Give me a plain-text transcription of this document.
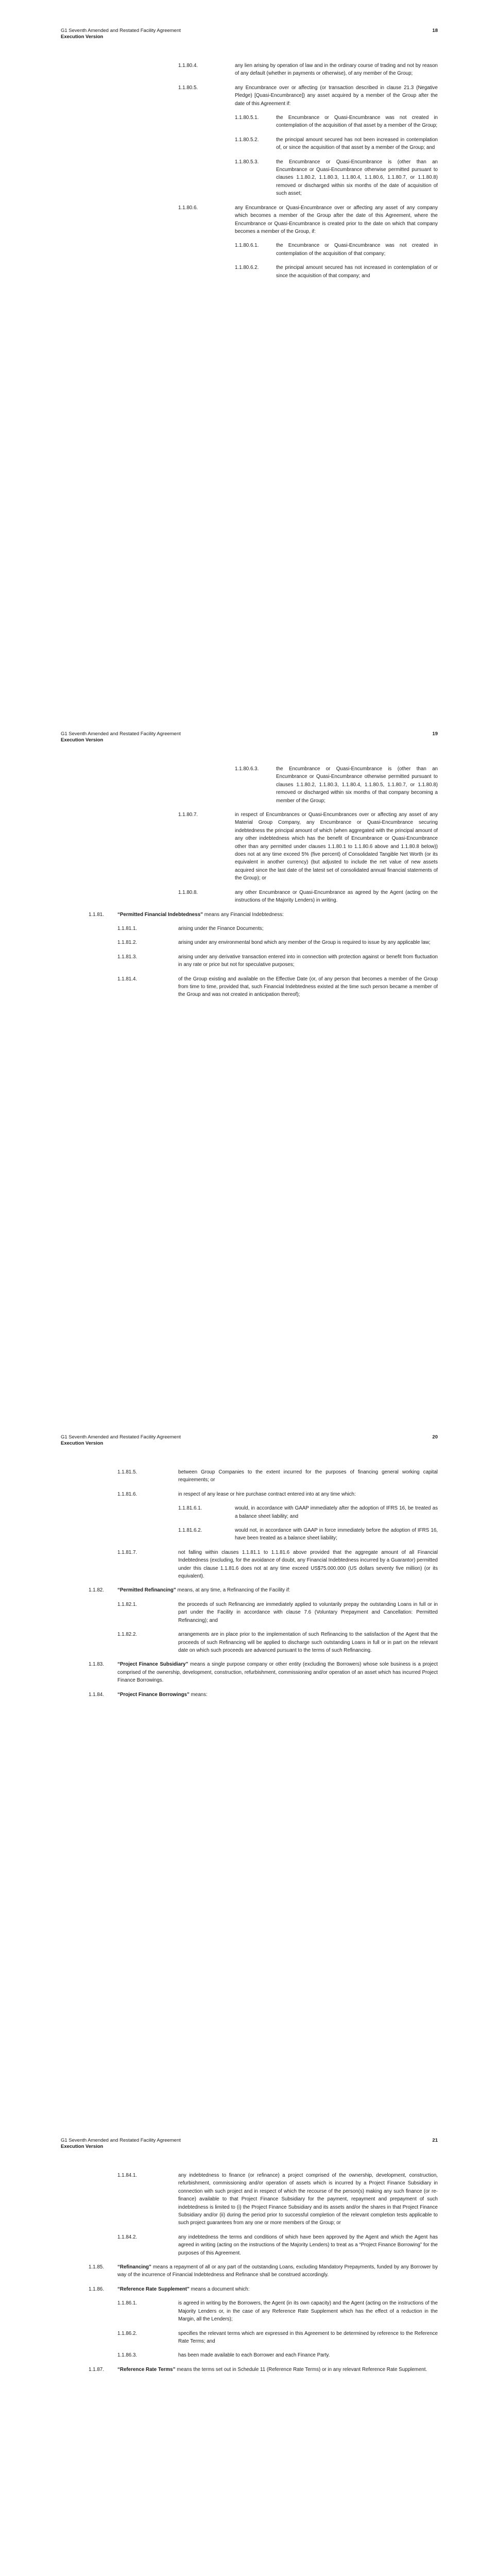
G1 Seventh Amended and Restated Facility Agreement
Execution Version
18
1.1.80.4.	any lien arising by operation of law and in the ordinary course of trading and not by reason of any default (whether in payments or otherwise), of any member of the Group;
1.1.80.5.	any Encumbrance over or affecting (or transaction described in clause 21.3 (Negative Pledge) [Quasi-Encumbrance]) any asset acquired by a member of the Group after the date of this Agreement if:
1.1.80.5.1.	the Encumbrance or Quasi-Encumbrance was not created in contemplation of the acquisition of that asset by a member of the Group;
1.1.80.5.2.	the principal amount secured has not been increased in contemplation of, or since the acquisition of that asset by a member of the Group; and
1.1.80.5.3.	the Encumbrance or Quasi-Encumbrance is (other than an Encumbrance or Quasi-Encumbrance otherwise permitted pursuant to clauses 1.1.80.2, 1.1.80.3, 1.1.80.4, 1.1.80.6, 1.1.80.7, or 1.1.80.8) removed or discharged within six months of the date of acquisition of such asset;
1.1.80.6.	any Encumbrance or Quasi-Encumbrance over or affecting any asset of any company which becomes a member of the Group after the date of this Agreement, where the Encumbrance or Quasi-Encumbrance is created prior to the date on which that company becomes a member of the Group, if:
1.1.80.6.1.	the Encumbrance or Quasi-Encumbrance was not created in contemplation of the acquisition of that company;
1.1.80.6.2.	the principal amount secured has not increased in contemplation of or since the acquisition of that company; and
G1 Seventh Amended and Restated Facility Agreement
Execution Version
19
1.1.80.6.3.	the Encumbrance or Quasi-Encumbrance is (other than an Encumbrance or Quasi-Encumbrance otherwise permitted pursuant to clauses 1.1.80.2, 1.1.80.3, 1.1.80.4, 1.1.80.5, 1.1.80.7, or 1.1.80.8) removed or discharged within six months of that company becoming a member of the Group;
1.1.80.7.	in respect of Encumbrances or Quasi-Encumbrances over or affecting any asset of any Material Group Company, any Encumbrance or Quasi-Encumbrance securing indebtedness the principal amount of which (when aggregated with the principal amount of any other indebtedness which has the benefit of Encumbrance or Quasi-Encumbrance other than any permitted under clauses 1.1.80.1 to 1.1.80.6 above and 1.1.80.8 below)) does not at any time exceed 5% (five percent) of Consolidated Tangible Net Worth (or its equivalent in another currency) (but adjusted to include the net value of new assets acquired since the last date of the latest set of consolidated annual financial statements of the Group); or
1.1.80.8.	any other Encumbrance or Quasi-Encumbrance as agreed by the Agent (acting on the instructions of the Majority Lenders) in writing.
1.1.81.	“Permitted Financial Indebtedness” means any Financial Indebtedness:
1.1.81.1.	arising under the Finance Documents;
1.1.81.2.	arising under any environmental bond which any member of the Group is required to issue by any applicable law;
1.1.81.3.	arising under any derivative transaction entered into in connection with protection against or benefit from fluctuation in any rate or price but not for speculative purposes;
1.1.81.4.	of the Group existing and available on the Effective Date (or, of any person that becomes a member of the Group from time to time, provided that, such Financial Indebtedness existed at the time such person became a member of the Group and was not created in anticipation thereof);
G1 Seventh Amended and Restated Facility Agreement
Execution Version
20
1.1.81.5.	between Group Companies to the extent incurred for the purposes of financing general working capital requirements; or
1.1.81.6.	in respect of any lease or hire purchase contract entered into at any time which:
1.1.81.6.1.	would, in accordance with GAAP immediately after the adoption of IFRS 16, be treated as a balance sheet liability; and
1.1.81.6.2.	would not, in accordance with GAAP in force immediately before the adoption of IFRS 16, have been treated as a balance sheet liability;
1.1.81.7.	not falling within clauses 1.1.81.1 to 1.1.81.6 above provided that the aggregate amount of all Financial Indebtedness (excluding, for the avoidance of doubt, any Financial Indebtedness incurred by a Guarantor) permitted under this clause 1.1.81.6 does not at any time exceed US$75.000.000 (US dollars seventy five million) (or its equivalent).
1.1.82.	“Permitted Refinancing” means, at any time, a Refinancing of the Facility if:
1.1.82.1.	the proceeds of such Refinancing are immediately applied to voluntarily prepay the outstanding Loans in full or in part under the Facility in accordance with clause 7.6 (Voluntary Prepayment and Cancellation: Permitted Refinancing); and
1.1.82.2.	arrangements are in place prior to the implementation of such Refinancing to the satisfaction of the Agent that the proceeds of such Refinancing will be applied to discharge such outstanding Loans in full or in part on the relevant date on which such proceeds are advanced pursuant to the terms of such Refinancing.
1.1.83.	“Project Finance Subsidiary” means a single purpose company or other entity (excluding the Borrowers) whose sole business is a project comprised of the ownership, development, construction, refurbishment, commissioning and/or operation of an asset which has incurred Project Finance Borrowings.
1.1.84.	“Project Finance Borrowings” means:
G1 Seventh Amended and Restated Facility Agreement
Execution Version
21
1.1.84.1.	any indebtedness to finance (or refinance) a project comprised of the ownership, development, construction, refurbishment, commissioning and/or operation of assets which is incurred by a Project Finance Subsidiary in connection with such project and in respect of which the recourse of the person(s) making any such finance (or re-finance) available to that Project Finance Subsidiary for the payment, repayment and prepayment of such indebtedness is limited to (i) the Project Finance Subsidiary and its assets and/or the shares in that Project Finance Subsidiary and/or (ii) during the period prior to successful completion of the relevant completion tests applicable to such project guarantees from any one or more members of the Group; or
1.1.84.2.	any indebtedness the terms and conditions of which have been approved by the Agent and which the Agent has agreed in writing (acting on the instructions of the Majority Lenders) to treat as a “Project Finance Borrowing” for the purposes of this Agreement.
1.1.85.	“Refinancing” means a repayment of all or any part of the outstanding Loans, excluding Mandatory Prepayments, funded by any Borrower by way of the incurrence of Financial Indebtedness and Refinance shall be construed accordingly.
1.1.86.	“Reference Rate Supplement” means a document which:
1.1.86.1.	is agreed in writing by the Borrowers, the Agent (in its own capacity) and the Agent (acting on the instructions of the Majority Lenders or, in the case of any Reference Rate Supplement which has the effect of a reduction in the Margin, all the Lenders);
1.1.86.2.	specifies the relevant terms which are expressed in this Agreement to be determined by reference to the Reference Rate Terms; and
1.1.86.3.	has been made available to each Borrower and each Finance Party.
1.1.87.	“Reference Rate Terms” means the terms set out in Schedule 11 (Reference Rate Terms) or in any relevant Reference Rate Supplement.
